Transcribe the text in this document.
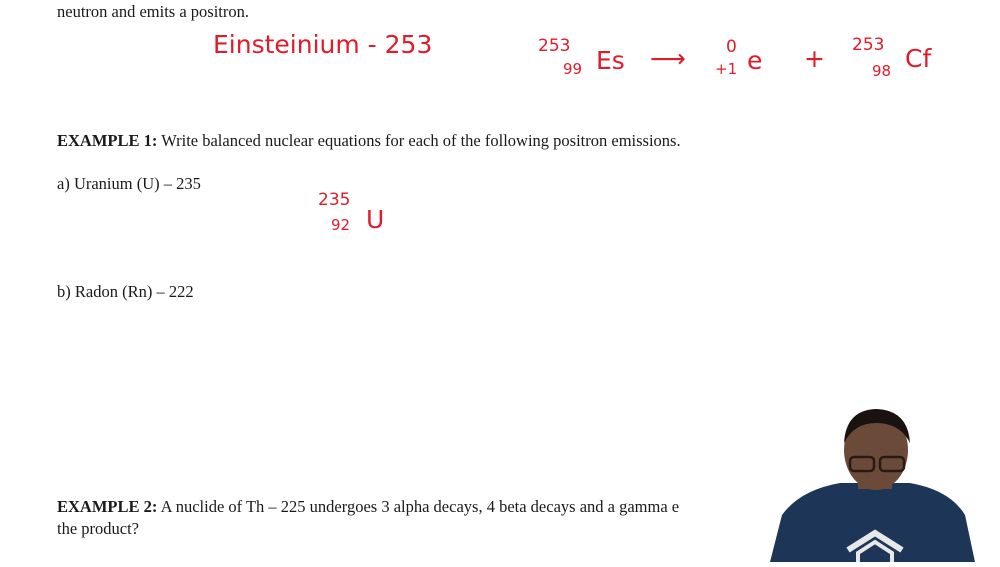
neutron and emits a positron.
Einsteinium - 253	253
99 Es ⟶ 0
+1 e + 253
98 Cf
EXAMPLE 1: Write balanced nuclear equations for each of the following positron emissions.
a) Uranium (U) – 235
235
92 U
b) Radon (Rn) – 222
EXAMPLE 2: A nuclide of Th – 225 undergoes 3 alpha decays, 4 beta decays and a gamma e
the product?
